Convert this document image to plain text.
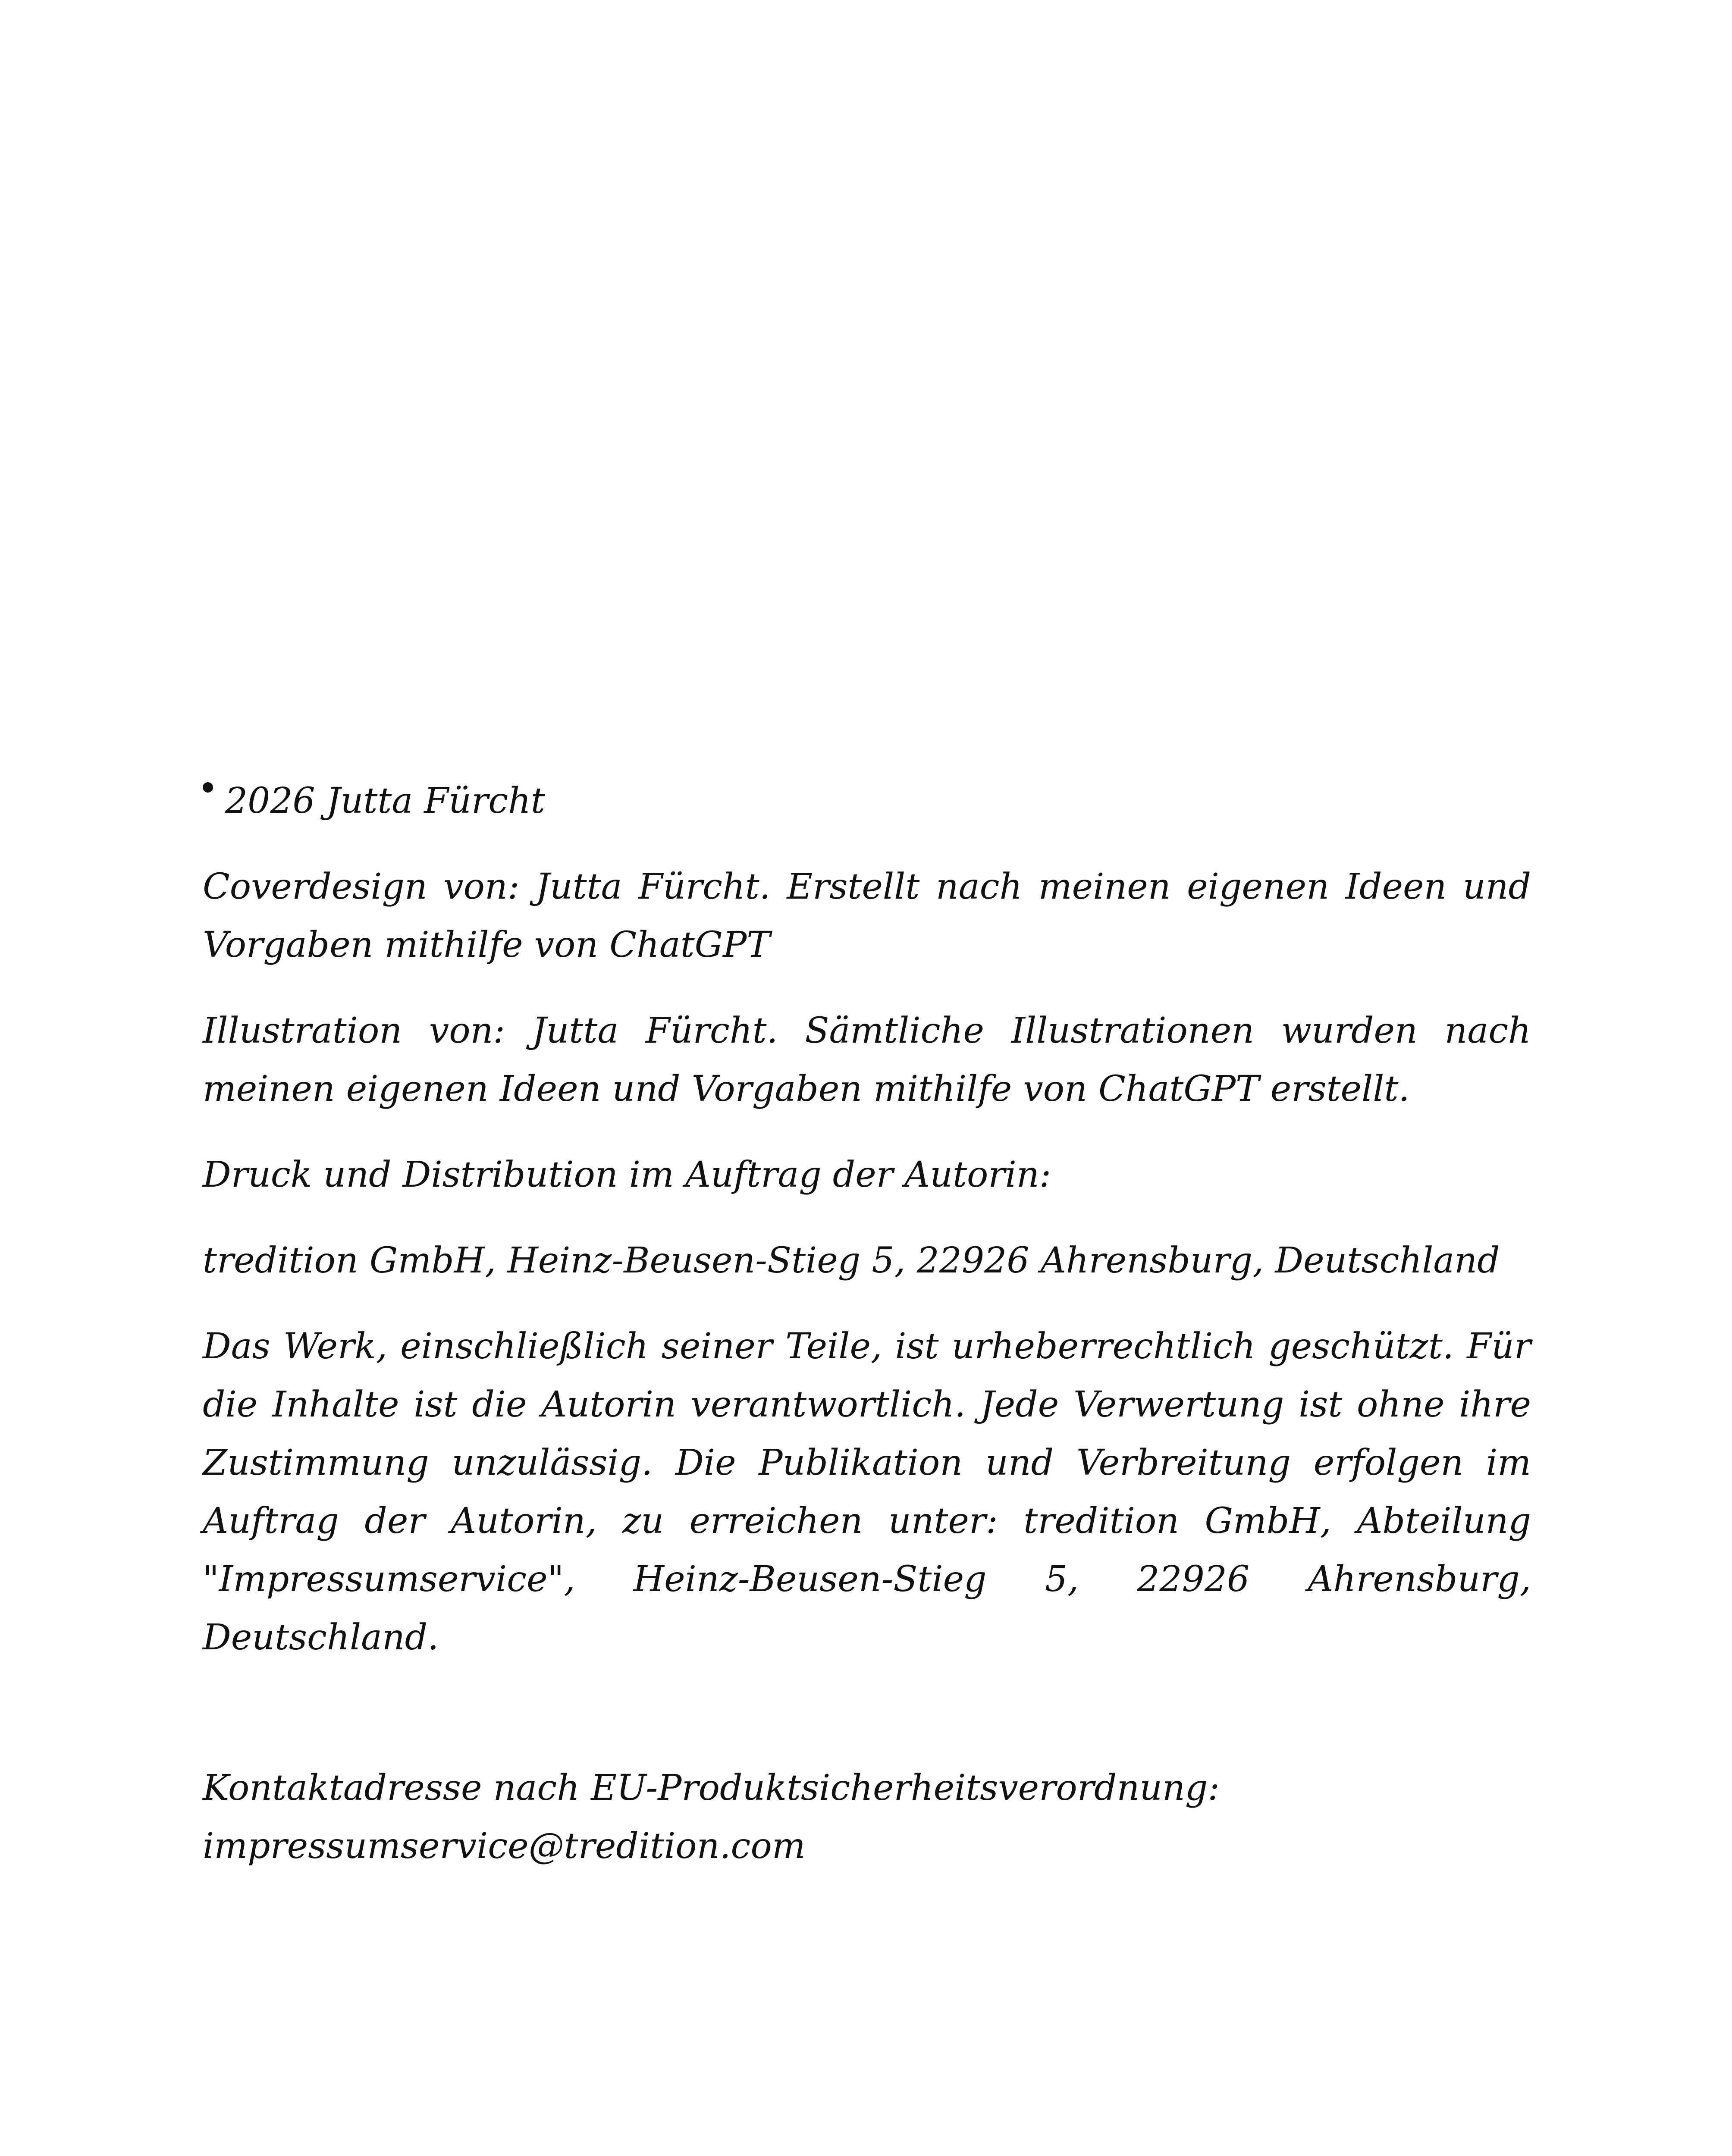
2026 Jutta Fürcht

Coverdesign von: Jutta Fürcht. Erstellt nach meinen eigenen Ideen und Vorgaben mithilfe von ChatGPT

Illustration von: Jutta Fürcht. Sämtliche Illustrationen wurden nach meinen eigenen Ideen und Vorgaben mithilfe von ChatGPT erstellt.

Druck und Distribution im Auftrag der Autorin:

tredition GmbH, Heinz-Beusen-Stieg 5, 22926 Ahrensburg, Deutschland

Das Werk, einschließlich seiner Teile, ist urheberrechtlich geschützt. Für die Inhalte ist die Autorin verantwortlich. Jede Verwertung ist ohne ihre Zustimmung unzulässig. Die Publikation und Verbreitung erfolgen im Auftrag der Autorin, zu erreichen unter: tredition GmbH, Abteilung "Impressumservice", Heinz-Beusen-Stieg 5, 22926 Ahrensburg, Deutschland.

Kontaktadresse nach EU-Produktsicherheitsverordnung:

impressumservice@tredition.com
